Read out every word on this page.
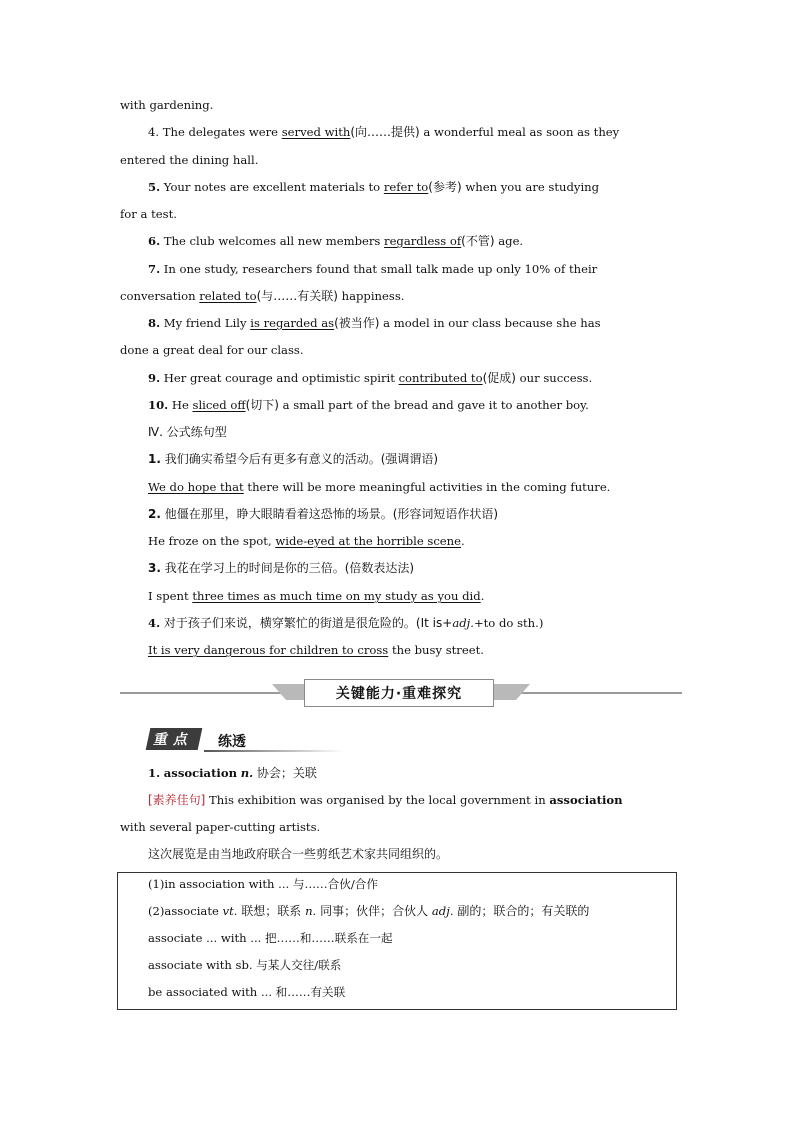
with gardening.
4. The delegates were served with(向……提供) a wonderful meal as soon as they
entered the dining hall.
5. Your notes are excellent materials to refer to(参考) when you are studying
for a test.
6. The club welcomes all new members regardless of(不管) age.
7. In one study, researchers found that small talk made up only 10% of their
conversation related to(与……有关联) happiness.
8. My friend Lily is regarded as(被当作) a model in our class because she has
done a great deal for our class.
9. Her great courage and optimistic spirit contributed to(促成) our success.
10. He sliced off(切下) a small part of the bread and gave it to another boy.
Ⅳ. 公式练句型
1. 我们确实希望今后有更多有意义的活动。(强调谓语)
We do hope that there will be more meaningful activities in the coming future.
2. 他僵在那里，睁大眼睛看着这恐怖的场景。(形容词短语作状语)
He froze on the spot, wide-eyed at the horrible scene.
3. 我花在学习上的时间是你的三倍。(倍数表达法)
I spent three times as much time on my study as you did.
4. 对于孩子们来说，横穿繁忙的街道是很危险的。(It is+adj.+to do sth.)
It is very dangerous for children to cross the busy street.
关键能力·重难探究
重点 练透
1. association n. 协会；关联
[素养佳句] This exhibition was organised by the local government in association
with several paper-cutting artists.
这次展览是由当地政府联合一些剪纸艺术家共同组织的。
(1)in association with ... 与……合伙/合作
(2)associate vt. 联想；联系 n. 同事；伙伴；合伙人 adj. 副的；联合的；有关联的
associate ... with ... 把……和……联系在一起
associate with sb. 与某人交往/联系
be associated with ... 和……有关联
